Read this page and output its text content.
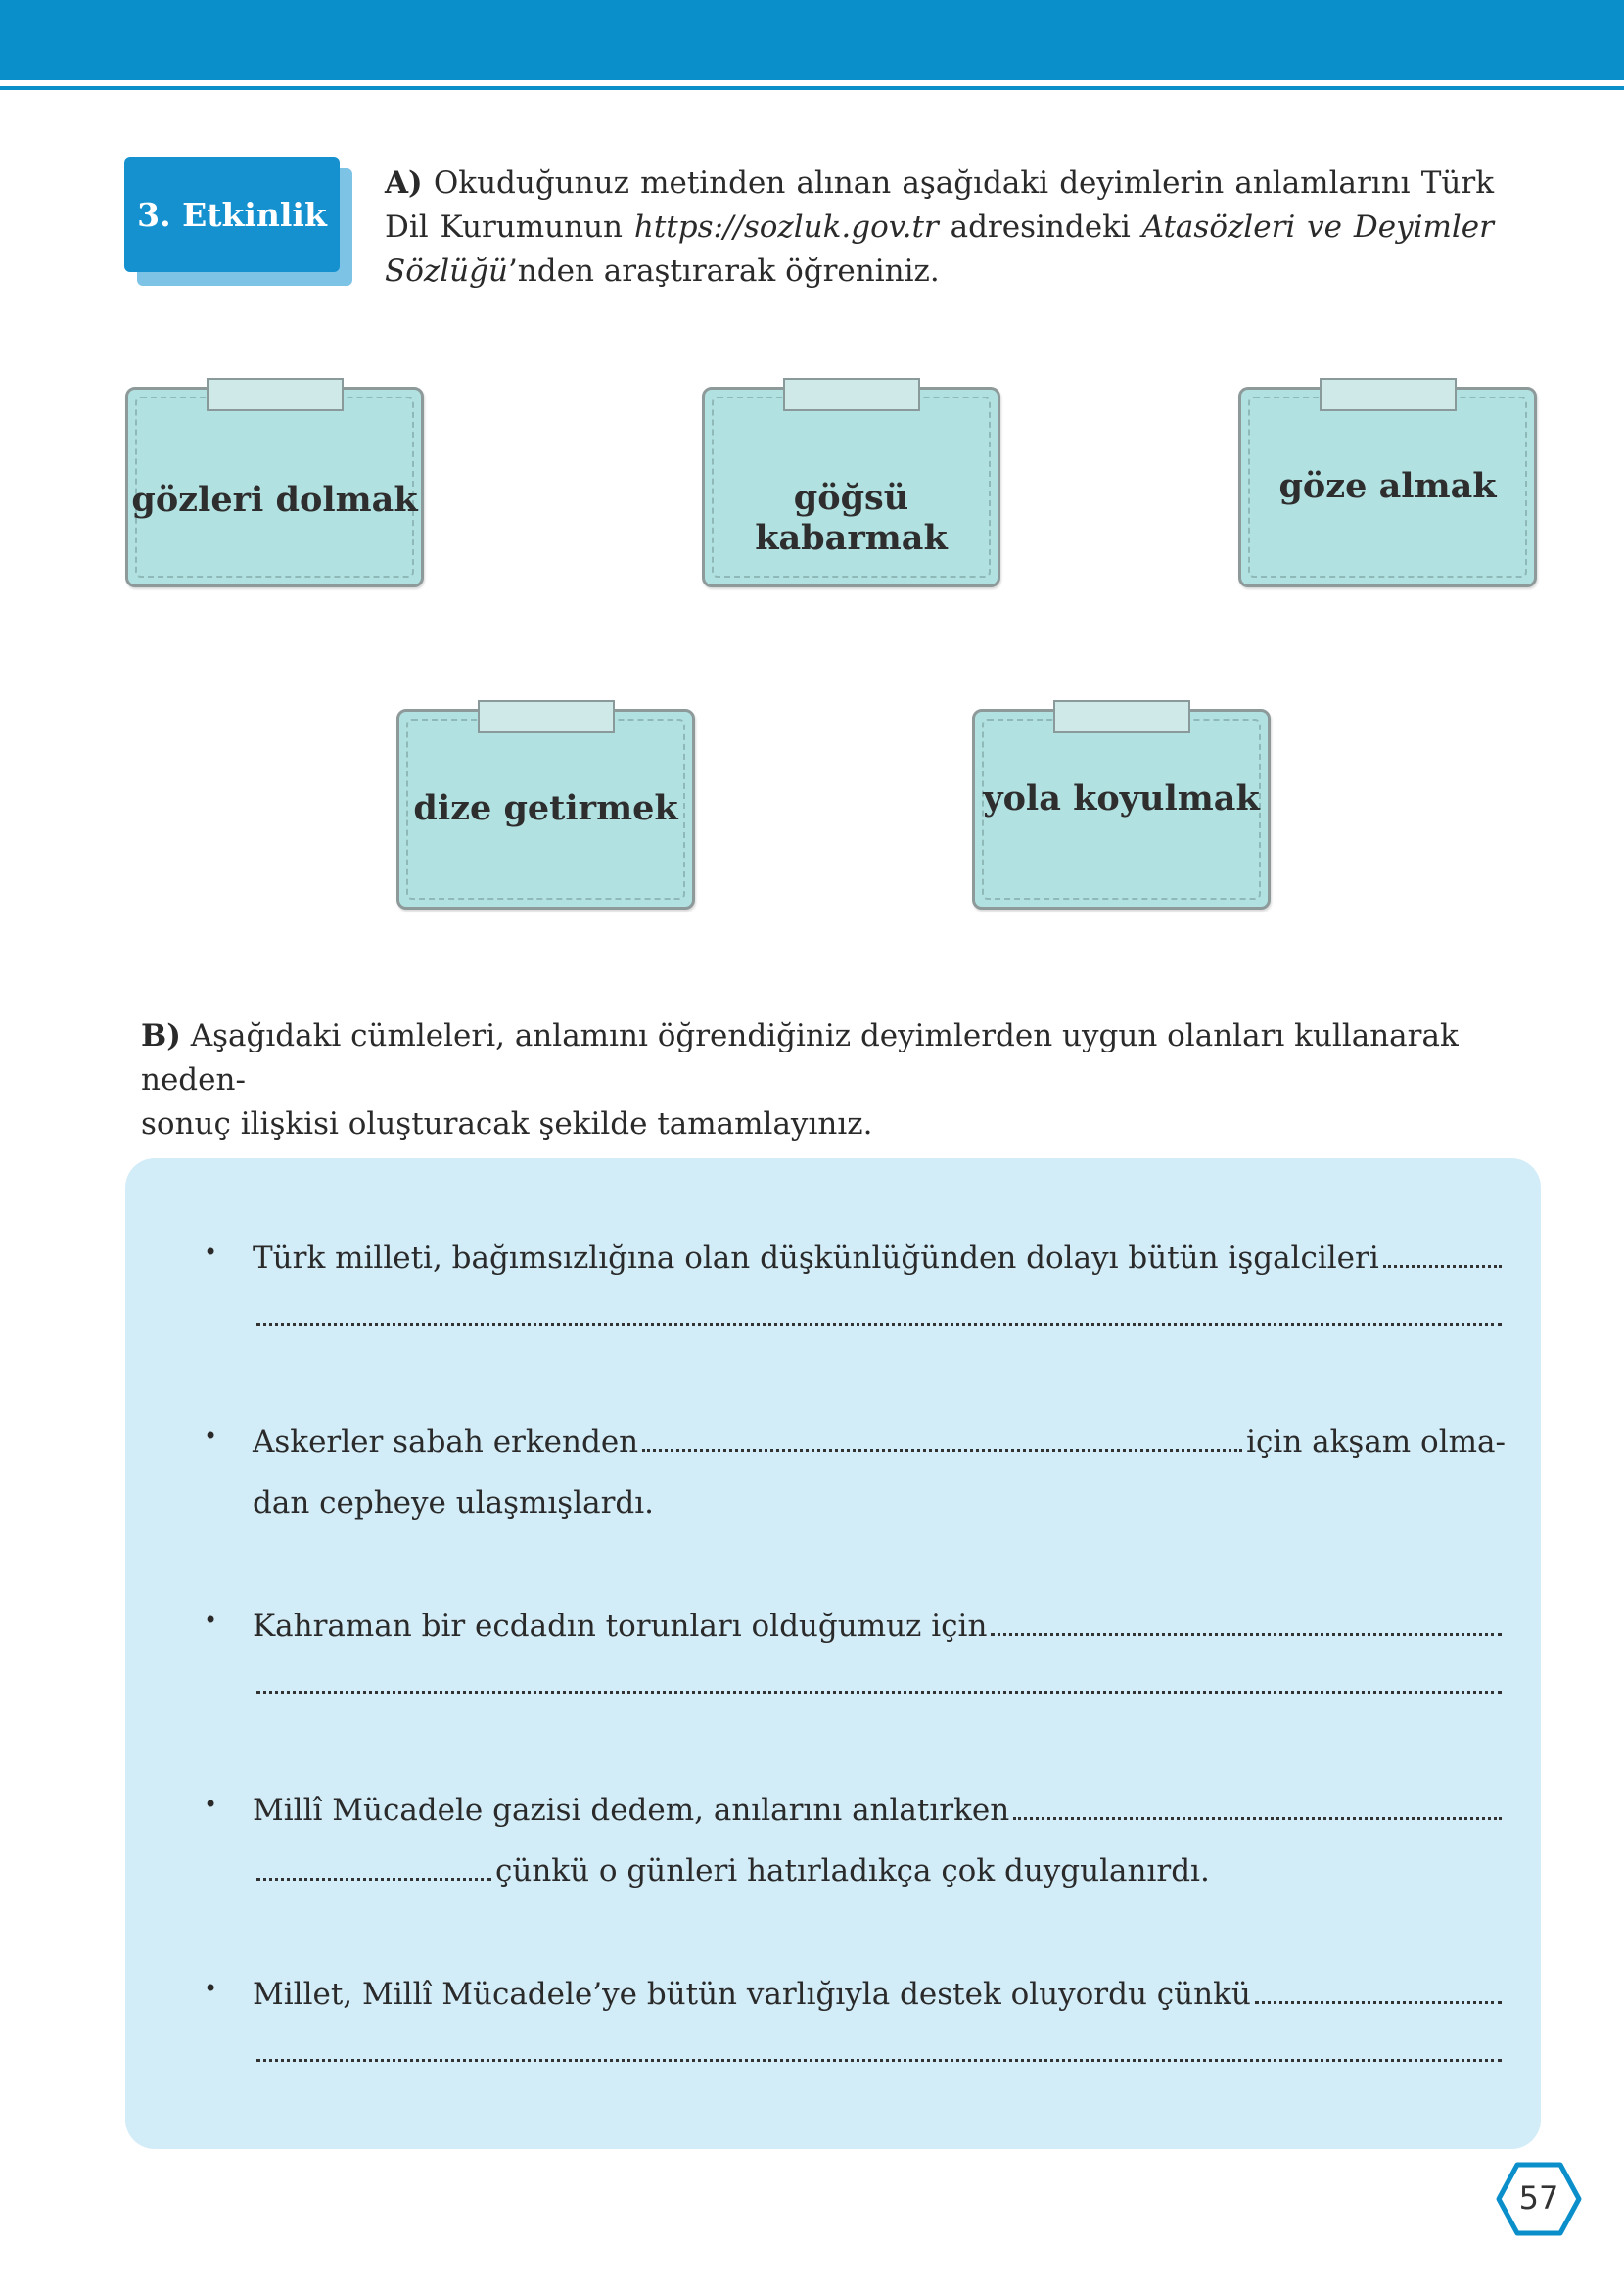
3. Etkinlik
A) Okuduğunuz metinden alınan aşağıdaki deyimlerin anlamlarını Türk Dil Kurumunun https://sozluk.gov.tr adresindeki Atasözleri ve Deyimler Sözlüğü’nden araştırarak öğreniniz.
gözleri dolmak	göğsü kabarmak
göze almak
dize getirmek	yola koyulmak
B) Aşağıdaki cümleleri, anlamını öğrendiğiniz deyimlerden uygun olanları kullanarak neden-
sonuç ilişkisi oluşturacak şekilde tamamlayınız.
• Türk milleti, bağımsızlığına olan düşkünlüğünden dolayı bütün işgalcileri
• Askerler sabah erkenden	için akşam olma-
dan cepheye ulaşmışlardı.
• Kahraman bir ecdadın torunları olduğumuz için
• Millî Mücadele gazisi dedem, anılarını anlatırken
çünkü o günleri hatırladıkça çok duygulanırdı.
• Millet, Millî Mücadele’ye bütün varlığıyla destek oluyordu çünkü
57
